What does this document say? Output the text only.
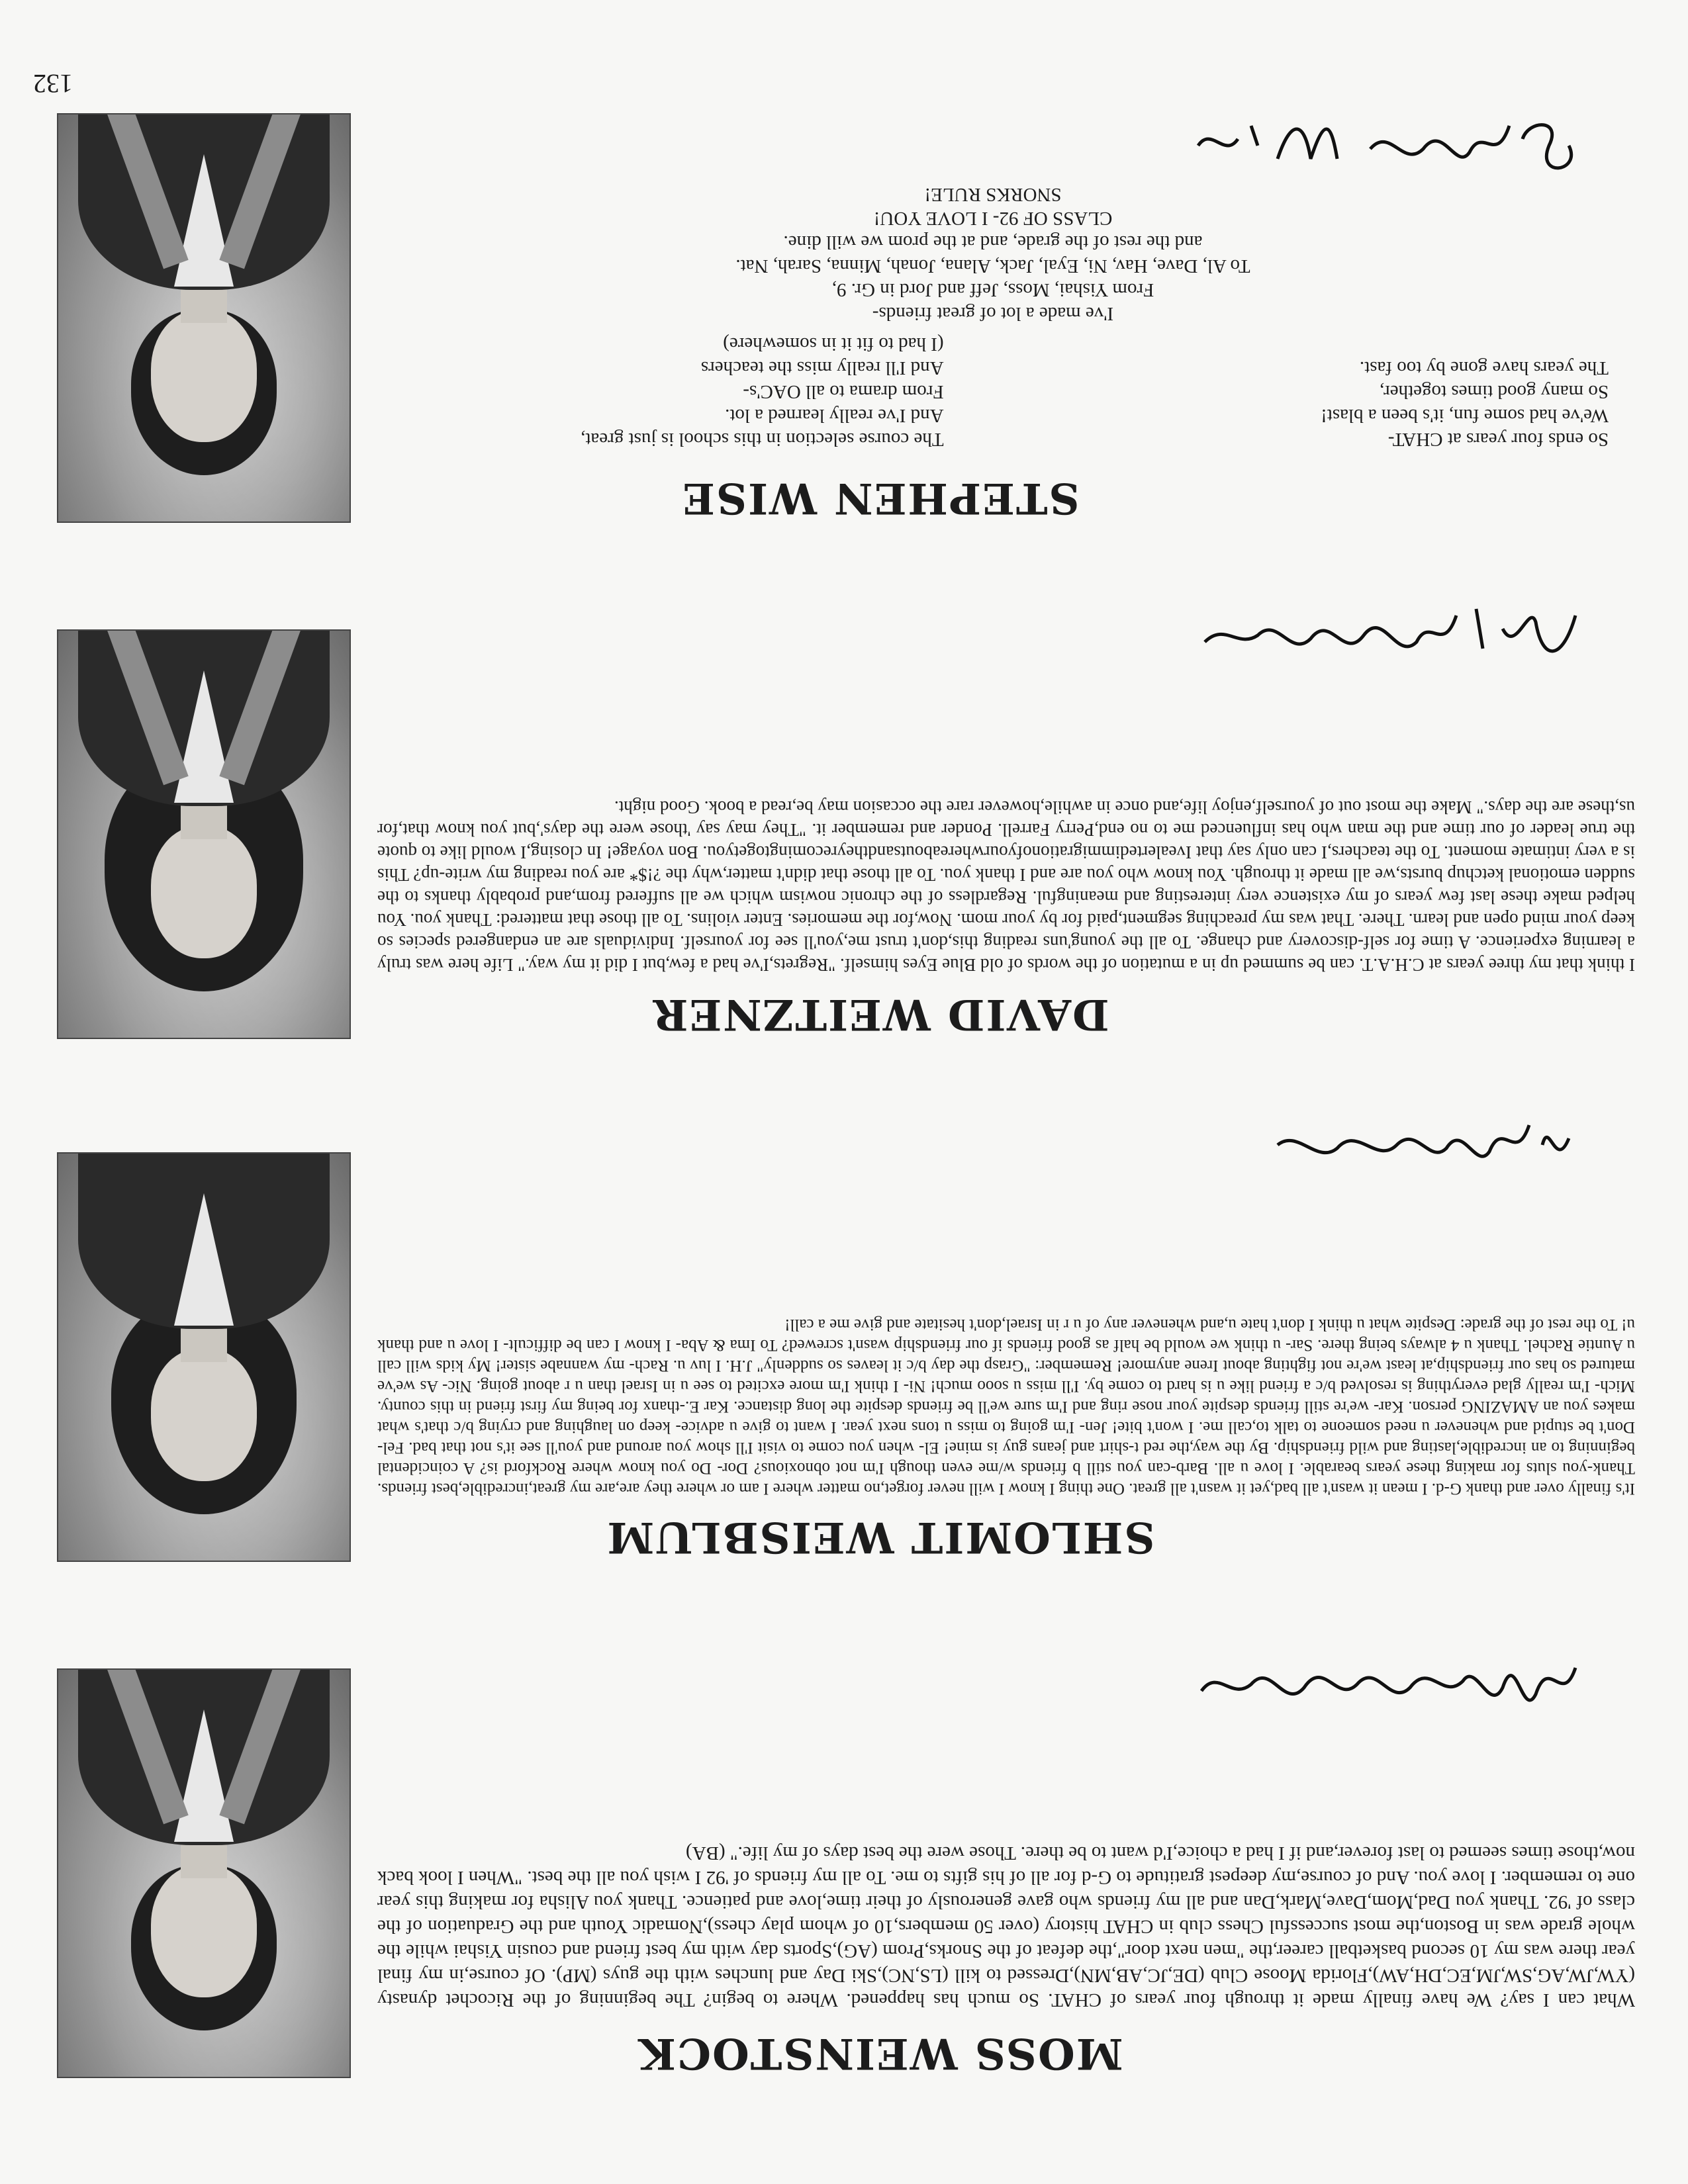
132
MOSS WEINSTOCK
What can I say? We have finally made it through four years of CHAT. So much has happened. Where to begin? The beginning of the Ricochet dynasty (YW,JW,AG,SW,JM,EC,DH,AW),Florida Moose Club (DE,JC,AB,MN),Dressed to kill (LS,NC),Ski Day and lunches with the guys (MP). Of course,in my final year there was my 10 second basketball career,the "men next door",the defeat of the Snorks,Prom (AG),Sports day with my best friend and cousin Yishai while the whole grade was in Boston,the most successful Chess club in CHAT history (over 50 members,10 of whom play chess),Nomadic Youth and the Graduation of the class of '92. Thank you Dad,Mom,Dave,Mark,Dan and all my friends who gave generously of their time,love and patience. Thank you Alisha for making this year one to remember. I love you. And of course,my deepest gratitude to G-d for all of his gifts to me. To all my friends of '92 I wish you all the best. "When I look back now,those times seemed to last forever,and if I had a choice,I'd want to be there. Those were the best days of my life." (BA)
SHLOMIT WEISBLUM
It's finally over and thank G-d. I mean it wasn't all bad,yet it wasn't all great. One thing I know I will never forget,no matter where I am or where they are,are my great,incredible,best friends. Thank-you sluts for making these years bearable. I love u all. Barb-can you still b friends w/me even though I'm not obnoxious? Dor- Do you know where Rockford is? A coincidental beginning to an incredible,lasting and wild friendship. By the way,the red t-shirt and jeans guy is mine! El- when you come to visit I'll show you around and you'll see it's not that bad. Fel- Don't be stupid and whenever u need someone to talk to,call me. I won't bite! Jen- I'm going to miss u tons next year. I want to give u advice- keep on laughing and crying b/c that's what makes you an AMAZING person. Kar- we're still friends despite your nose ring and I'm sure we'll be friends despite the long distance. Kar E.-thanx for being my first friend in this county. Mich- I'm really glad everything is resolved b/c a friend like u is hard to come by. I'll miss u sooo much! Ni- I think I'm more excited to see u in Israel than u r about going. Nic- As we've matured so has our friendship,at least we're not fighting about Irene anymore! Remember: "Grasp the day b/c it leaves so suddenly" J.H. I luv u. Rach- my wannabe sister! My kids will call u Auntie Rachel. Thank u 4 always being there. Sar- u think we would be half as good friends if our friendship wasn't screwed? To Ima & Aba- I know I can be difficult- I love u and thank u! To the rest of the grade: Despite what u think I don't hate u,and whenever any of u r in Israel,don't hesitate and give me a call!
DAVID WEITZNER
I think that my three years at C.H.A.T. can be summed up in a mutation of the words of old Blue Eyes himself. "Regrets,I've had a few,but I did it my way." Life here was truly a learning experience. A time for self-discovery and change. To all the young'uns reading this,don't trust me,you'll see for yourself. Individuals are an endangered species so keep your mind open and learn. There. That was my preaching segment,paid for by your mom. Now,for the memories. Enter violins. To all those that mattered: Thank you. You helped make these last few years of my existence very interesting and meaningful. Regardless of the chronic nowism which we all suffered from,and probably thanks to the sudden emotional ketchup bursts,we all made it through. You know who you are and I thank you. To all those that didn't matter,why the ?!$* are you reading my write-up? This is a very intimate moment. To the teachers,I can only say that Ivealertedimmigrationofyourwhereaboutsandtheyrecomingtogetyou. Bon voyage! In closing,I would like to quote the true leader of our time and the man who has influenced me to no end,Perry Farrell. Ponder and remember it. "They may say 'those were the days',but you know that,for us,these are the days." Make the most out of yourself,enjoy life,and once in awhile,however rare the occasion may be,read a book. Good night.
STEPHEN WISE
So ends four years at CHAT-
We've had some fun, it's been a blast!
So many good times together,
The years have gone by too fast.
The course selection in this school is just great,
And I've really learned a lot.
From drama to all OAC's-
And I'll really miss the teachers
(I had to fit it in somewhere)
I've made a lot of great friends-
From Yishai, Moss, Jeff and Jord in Gr. 9,
To Al, Dave, Hav, Ni, Eyal, Jack, Alana, Jonah, Minna, Sarah, Nat.
and the rest of the grade, and at the prom we will dine.
CLASS OF 92- I LOVE YOU!
SNORKS RULE!
